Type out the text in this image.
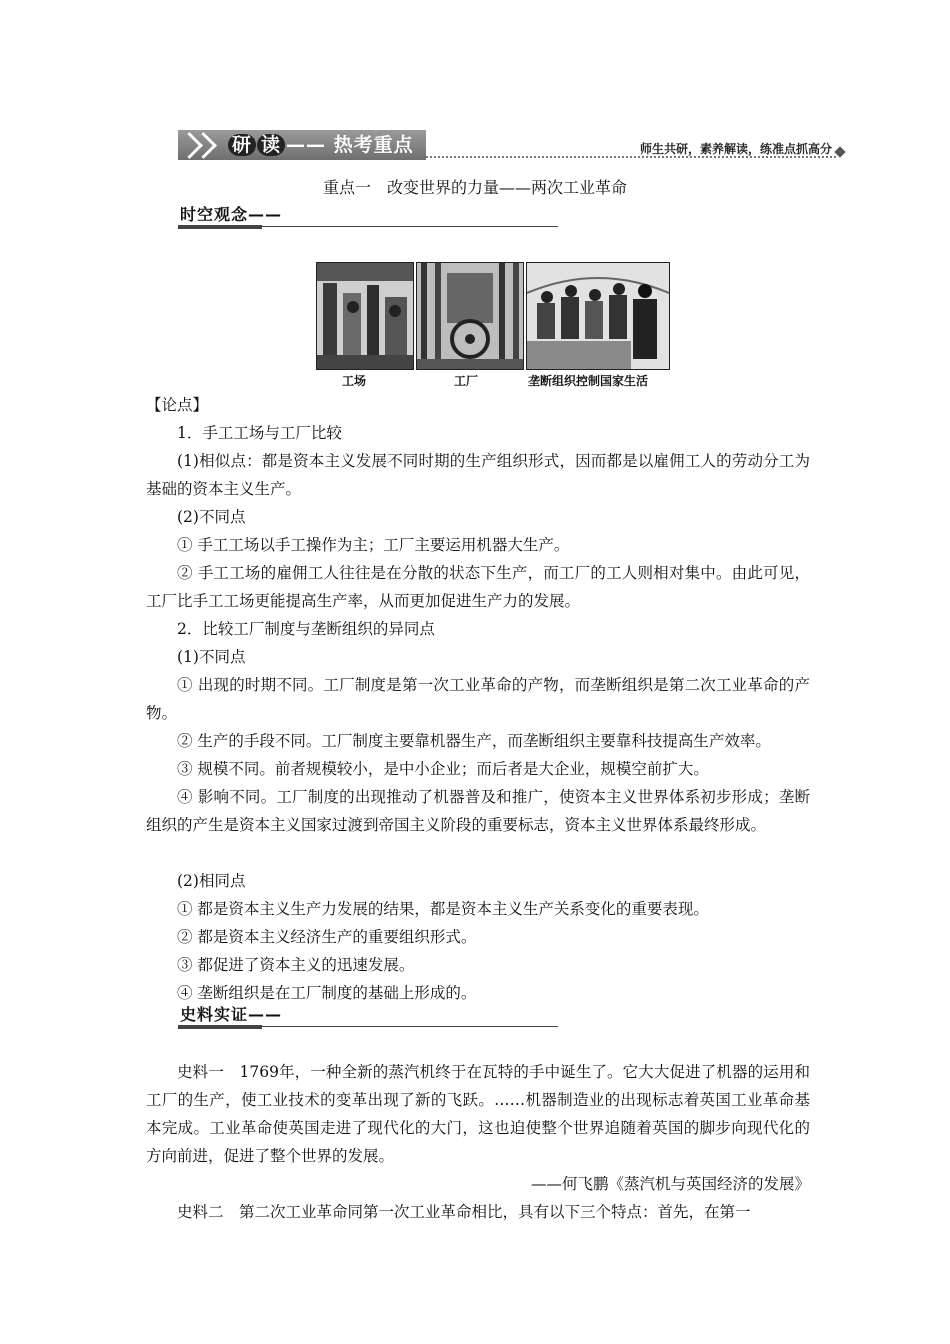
研 读 —— 热考重点	师生共研，素养解读，练准点抓高分
重点一　改变世界的力量——两次工业革命
时空观念——
工场	工厂	垄断组织控制国家生活
【论点】
1．手工工场与工厂比较
(1)相似点：都是资本主义发展不同时期的生产组织形式，因而都是以雇佣工人的劳动分工为基础的资本主义生产。
(2)不同点
① 手工工场以手工操作为主；工厂主要运用机器大生产。
② 手工工场的雇佣工人往往是在分散的状态下生产，而工厂的工人则相对集中。由此可见，工厂比手工工场更能提高生产率，从而更加促进生产力的发展。
2．比较工厂制度与垄断组织的异同点
(1)不同点
① 出现的时期不同。工厂制度是第一次工业革命的产物，而垄断组织是第二次工业革命的产物。
② 生产的手段不同。工厂制度主要靠机器生产，而垄断组织主要靠科技提高生产效率。
③ 规模不同。前者规模较小，是中小企业；而后者是大企业，规模空前扩大。
④ 影响不同。工厂制度的出现推动了机器普及和推广，使资本主义世界体系初步形成；垄断组织的产生是资本主义国家过渡到帝国主义阶段的重要标志，资本主义世界体系最终形成。
(2)相同点
① 都是资本主义生产力发展的结果，都是资本主义生产关系变化的重要表现。
② 都是资本主义经济生产的重要组织形式。
③ 都促进了资本主义的迅速发展。
④ 垄断组织是在工厂制度的基础上形成的。
史料实证——
史料一　1769年，一种全新的蒸汽机终于在瓦特的手中诞生了。它大大促进了机器的运用和工厂的生产，使工业技术的变革出现了新的飞跃。……机器制造业的出现标志着英国工业革命基本完成。工业革命使英国走进了现代化的大门，这也迫使整个世界追随着英国的脚步向现代化的方向前进，促进了整个世界的发展。
——何飞鹏《蒸汽机与英国经济的发展》
史料二　第二次工业革命同第一次工业革命相比，具有以下三个特点：首先，在第一
